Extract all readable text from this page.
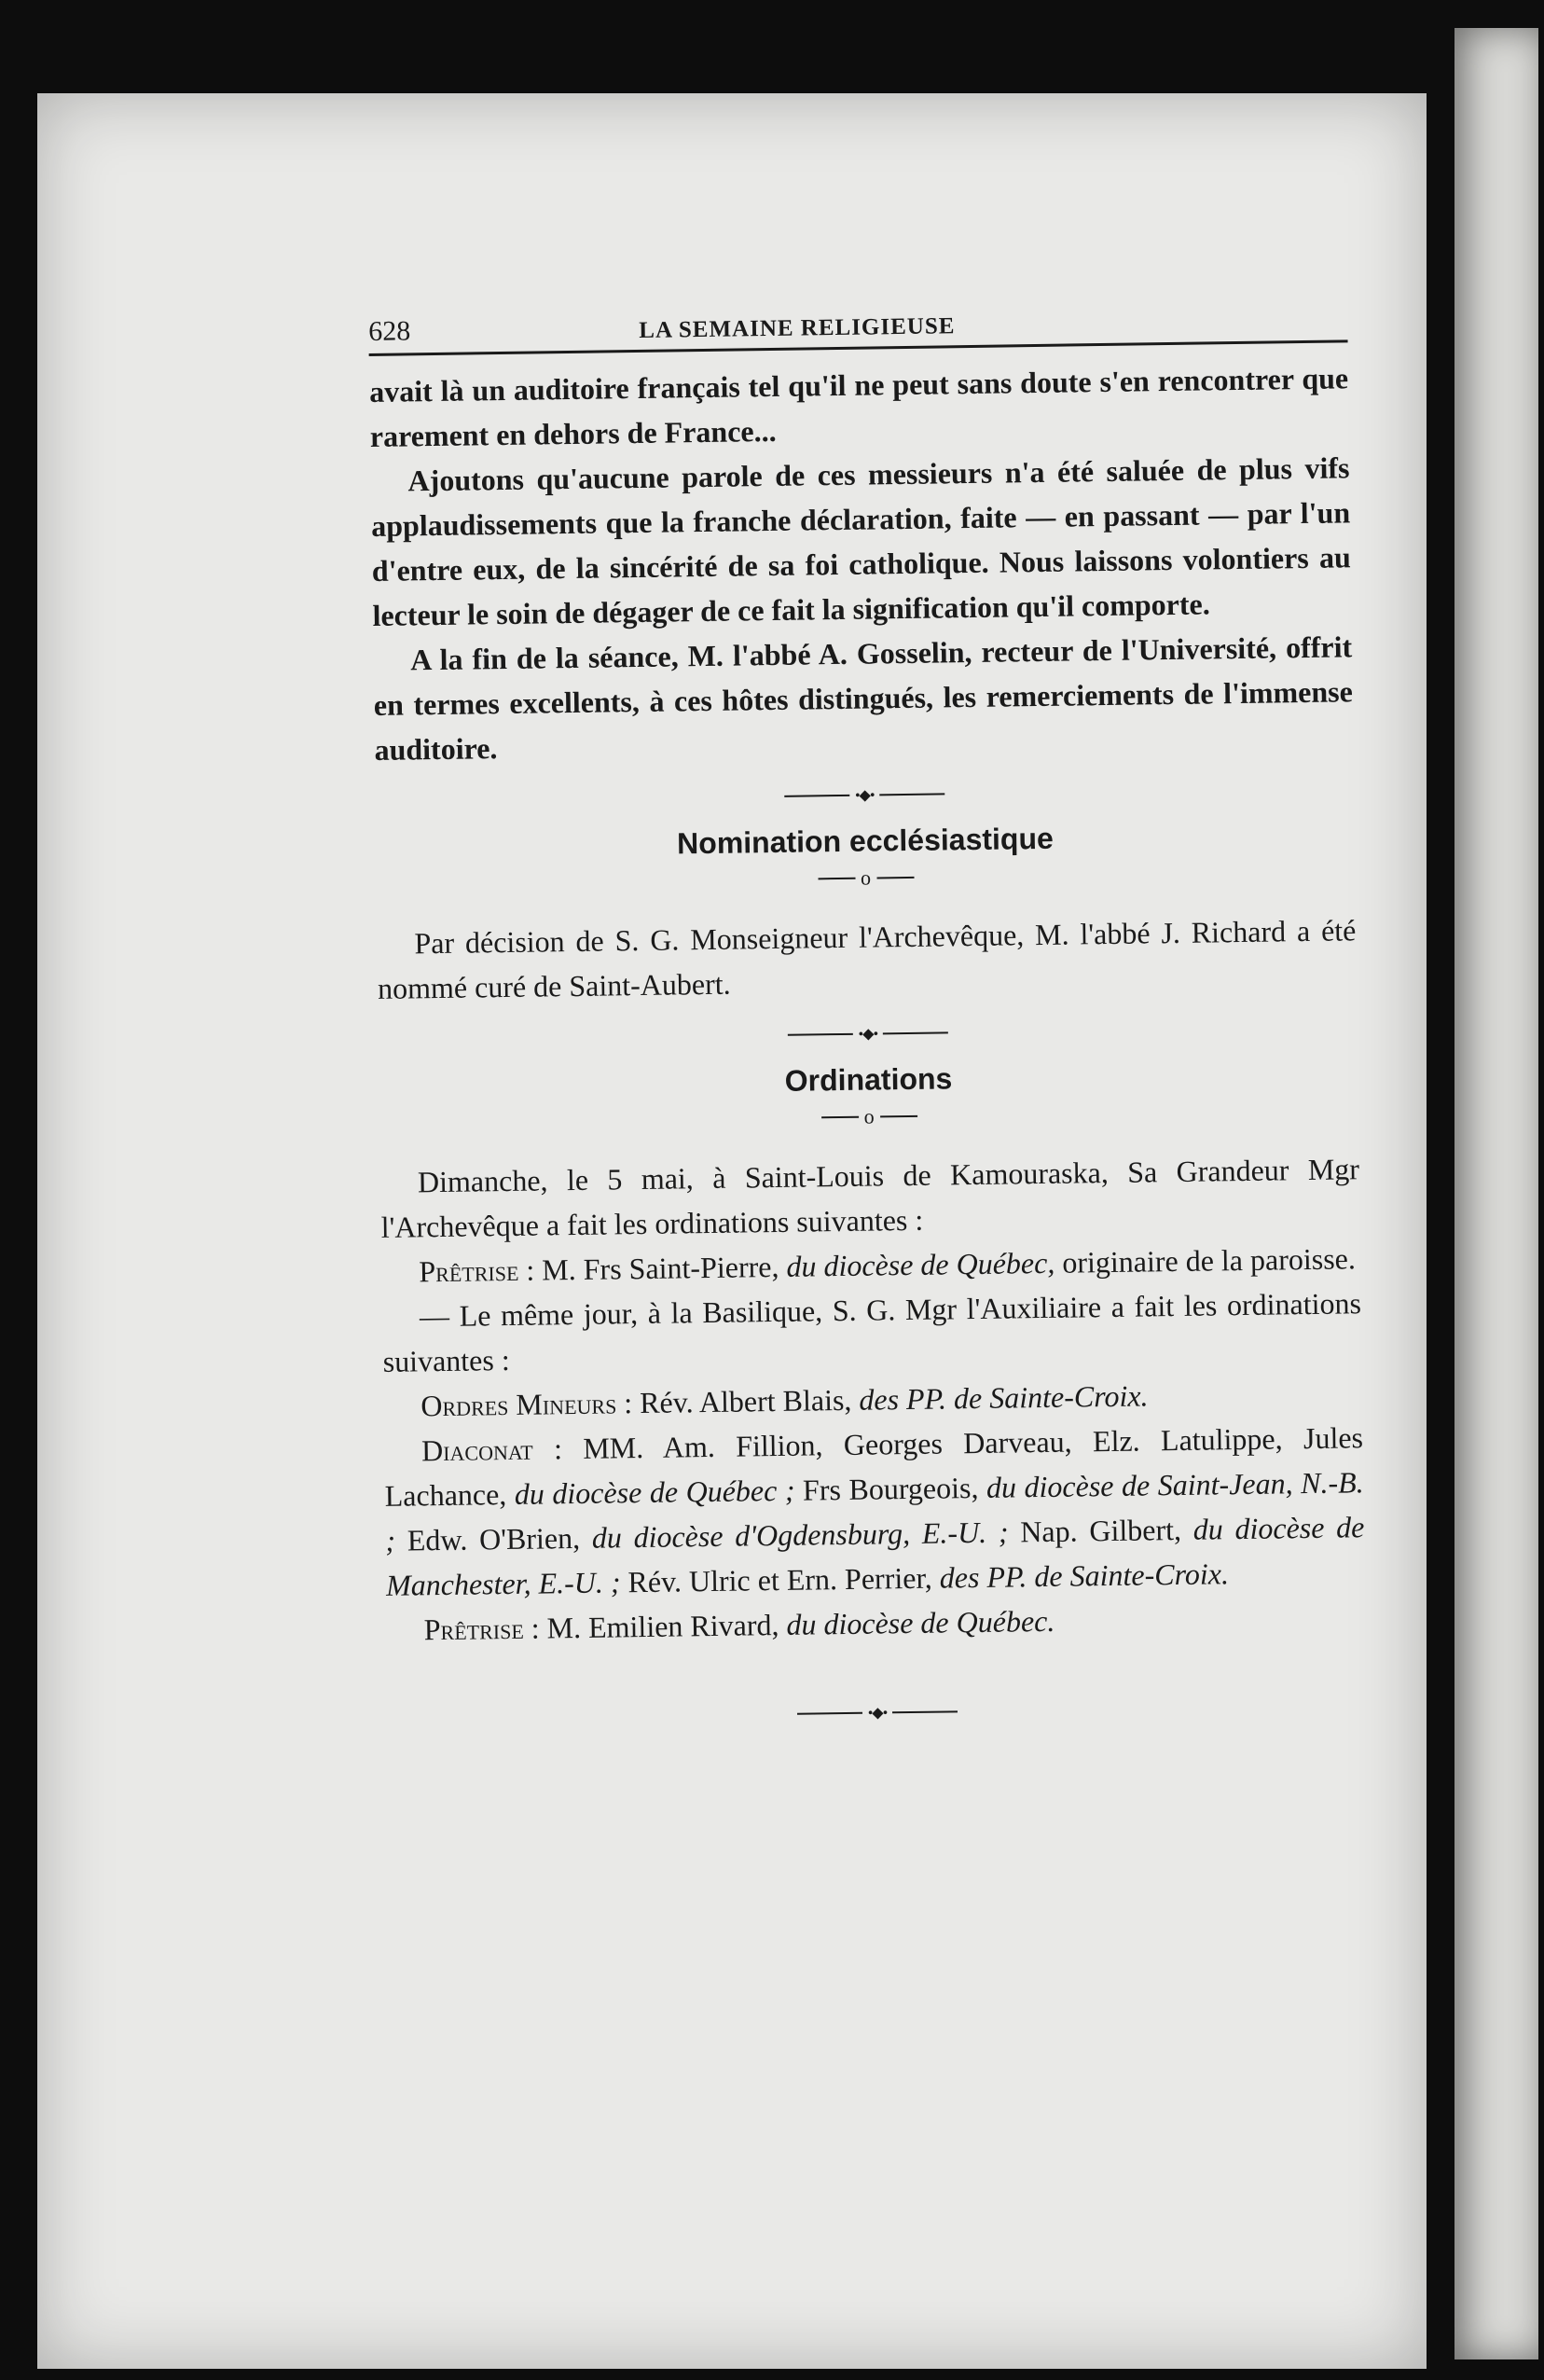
628	LA SEMAINE RELIGIEUSE

avait là un auditoire français tel qu'il ne peut sans doute s'en rencontrer que rarement en dehors de France...

Ajoutons qu'aucune parole de ces messieurs n'a été saluée de plus vifs applaudissements que la franche déclaration, faite — en passant — par l'un d'entre eux, de la sincérité de sa foi catholique. Nous laissons volontiers au lecteur le soin de dégager de ce fait la signification qu'il comporte.

A la fin de la séance, M. l'abbé A. Gosselin, recteur de l'Université, offrit en termes excellents, à ces hôtes distingués, les remerciements de l'immense auditoire.

•◆•
Nomination ecclésiastique
o

Par décision de S. G. Monseigneur l'Archevêque, M. l'abbé J. Richard a été nommé curé de Saint-Aubert.

•◆•
Ordinations
o

Dimanche, le 5 mai, à Saint-Louis de Kamouraska, Sa Grandeur Mgr l'Archevêque a fait les ordinations suivantes :

Prêtrise : M. Frs Saint-Pierre, du diocèse de Québec, originaire de la paroisse.

— Le même jour, à la Basilique, S. G. Mgr l'Auxiliaire a fait les ordinations suivantes :

Ordres Mineurs : Rév. Albert Blais, des PP. de Sainte-Croix.

Diaconat : MM. Am. Fillion, Georges Darveau, Elz. Latulippe, Jules Lachance, du diocèse de Québec ; Frs Bourgeois, du diocèse de Saint-Jean, N.-B. ; Edw. O'Brien, du diocèse d'Ogdensburg, E.-U. ; Nap. Gilbert, du diocèse de Manchester, E.-U. ; Rév. Ulric et Ern. Perrier, des PP. de Sainte-Croix.

Prêtrise : M. Emilien Rivard, du diocèse de Québec.

•◆•
